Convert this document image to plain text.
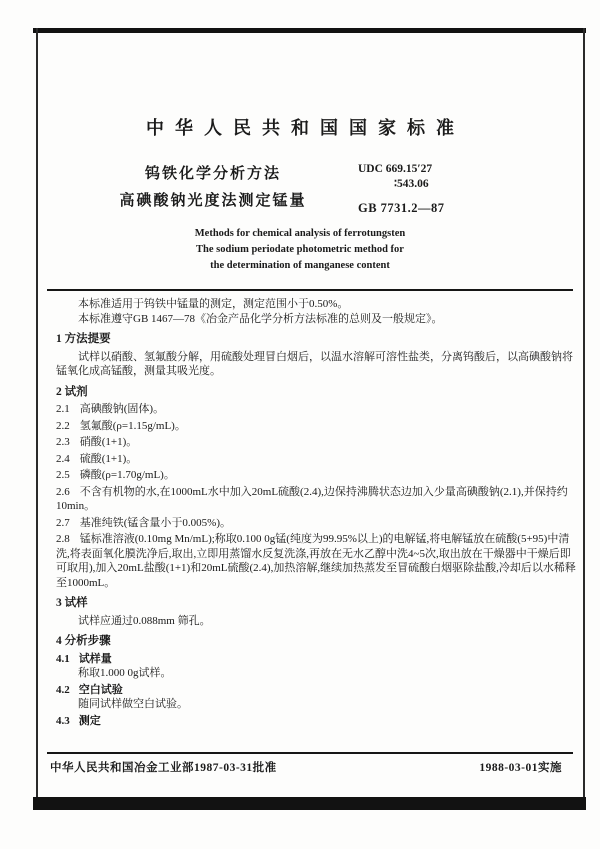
中华人民共和国国家标准
钨铁化学分析方法
高碘酸钠光度法测定锰量
UDC 669.15′27
∶543.06
GB 7731.2—87
Methods for chemical analysis of ferrotungsten
The sodium periodate photometric method for
the determination of manganese content

本标准适用于钨铁中锰量的测定，测定范围小于0.50%。

本标准遵守GB 1467—78《冶金产品化学分析方法标准的总则及一般规定》。

1 方法提要

试样以硝酸、氢氟酸分解，用硫酸处理冒白烟后，以温水溶解可溶性盐类，分离钨酸后，以高碘酸钠将锰氧化成高锰酸，测量其吸光度。

2 试剂

2.1 高碘酸钠(固体)。

2.2 氢氟酸(ρ=1.15g/mL)。

2.3 硝酸(1+1)。

2.4 硫酸(1+1)。

2.5 磷酸(ρ=1.70g/mL)。

2.6 不含有机物的水,在1000mL水中加入20mL硫酸(2.4),边保持沸腾状态边加入少量高碘酸钠(2.1),并保持约10min。

2.7 基准纯铁(锰含量小于0.005%)。

2.8 锰标准溶液(0.10mg Mn/mL);称取0.100 0g锰(纯度为99.95%以上)的电解锰,将电解锰放在硫酸(5+95)中清洗,将表面氧化膜洗净后,取出,立即用蒸馏水反复洗涤,再放在无水乙醇中洗4~5次,取出放在干燥器中干燥后即可取用),加入20mL盐酸(1+1)和20mL硫酸(2.4),加热溶解,继续加热蒸发至冒硫酸白烟驱除盐酸,冷却后以水稀释至1000mL。

3 试样

试样应通过0.088mm 筛孔。

4 分析步骤

4.1 试样量

称取1.000 0g试样。

4.2 空白试验

随同试样做空白试验。

4.3 测定

中华人民共和国冶金工业部1987-03-31批准	1988-03-01实施
